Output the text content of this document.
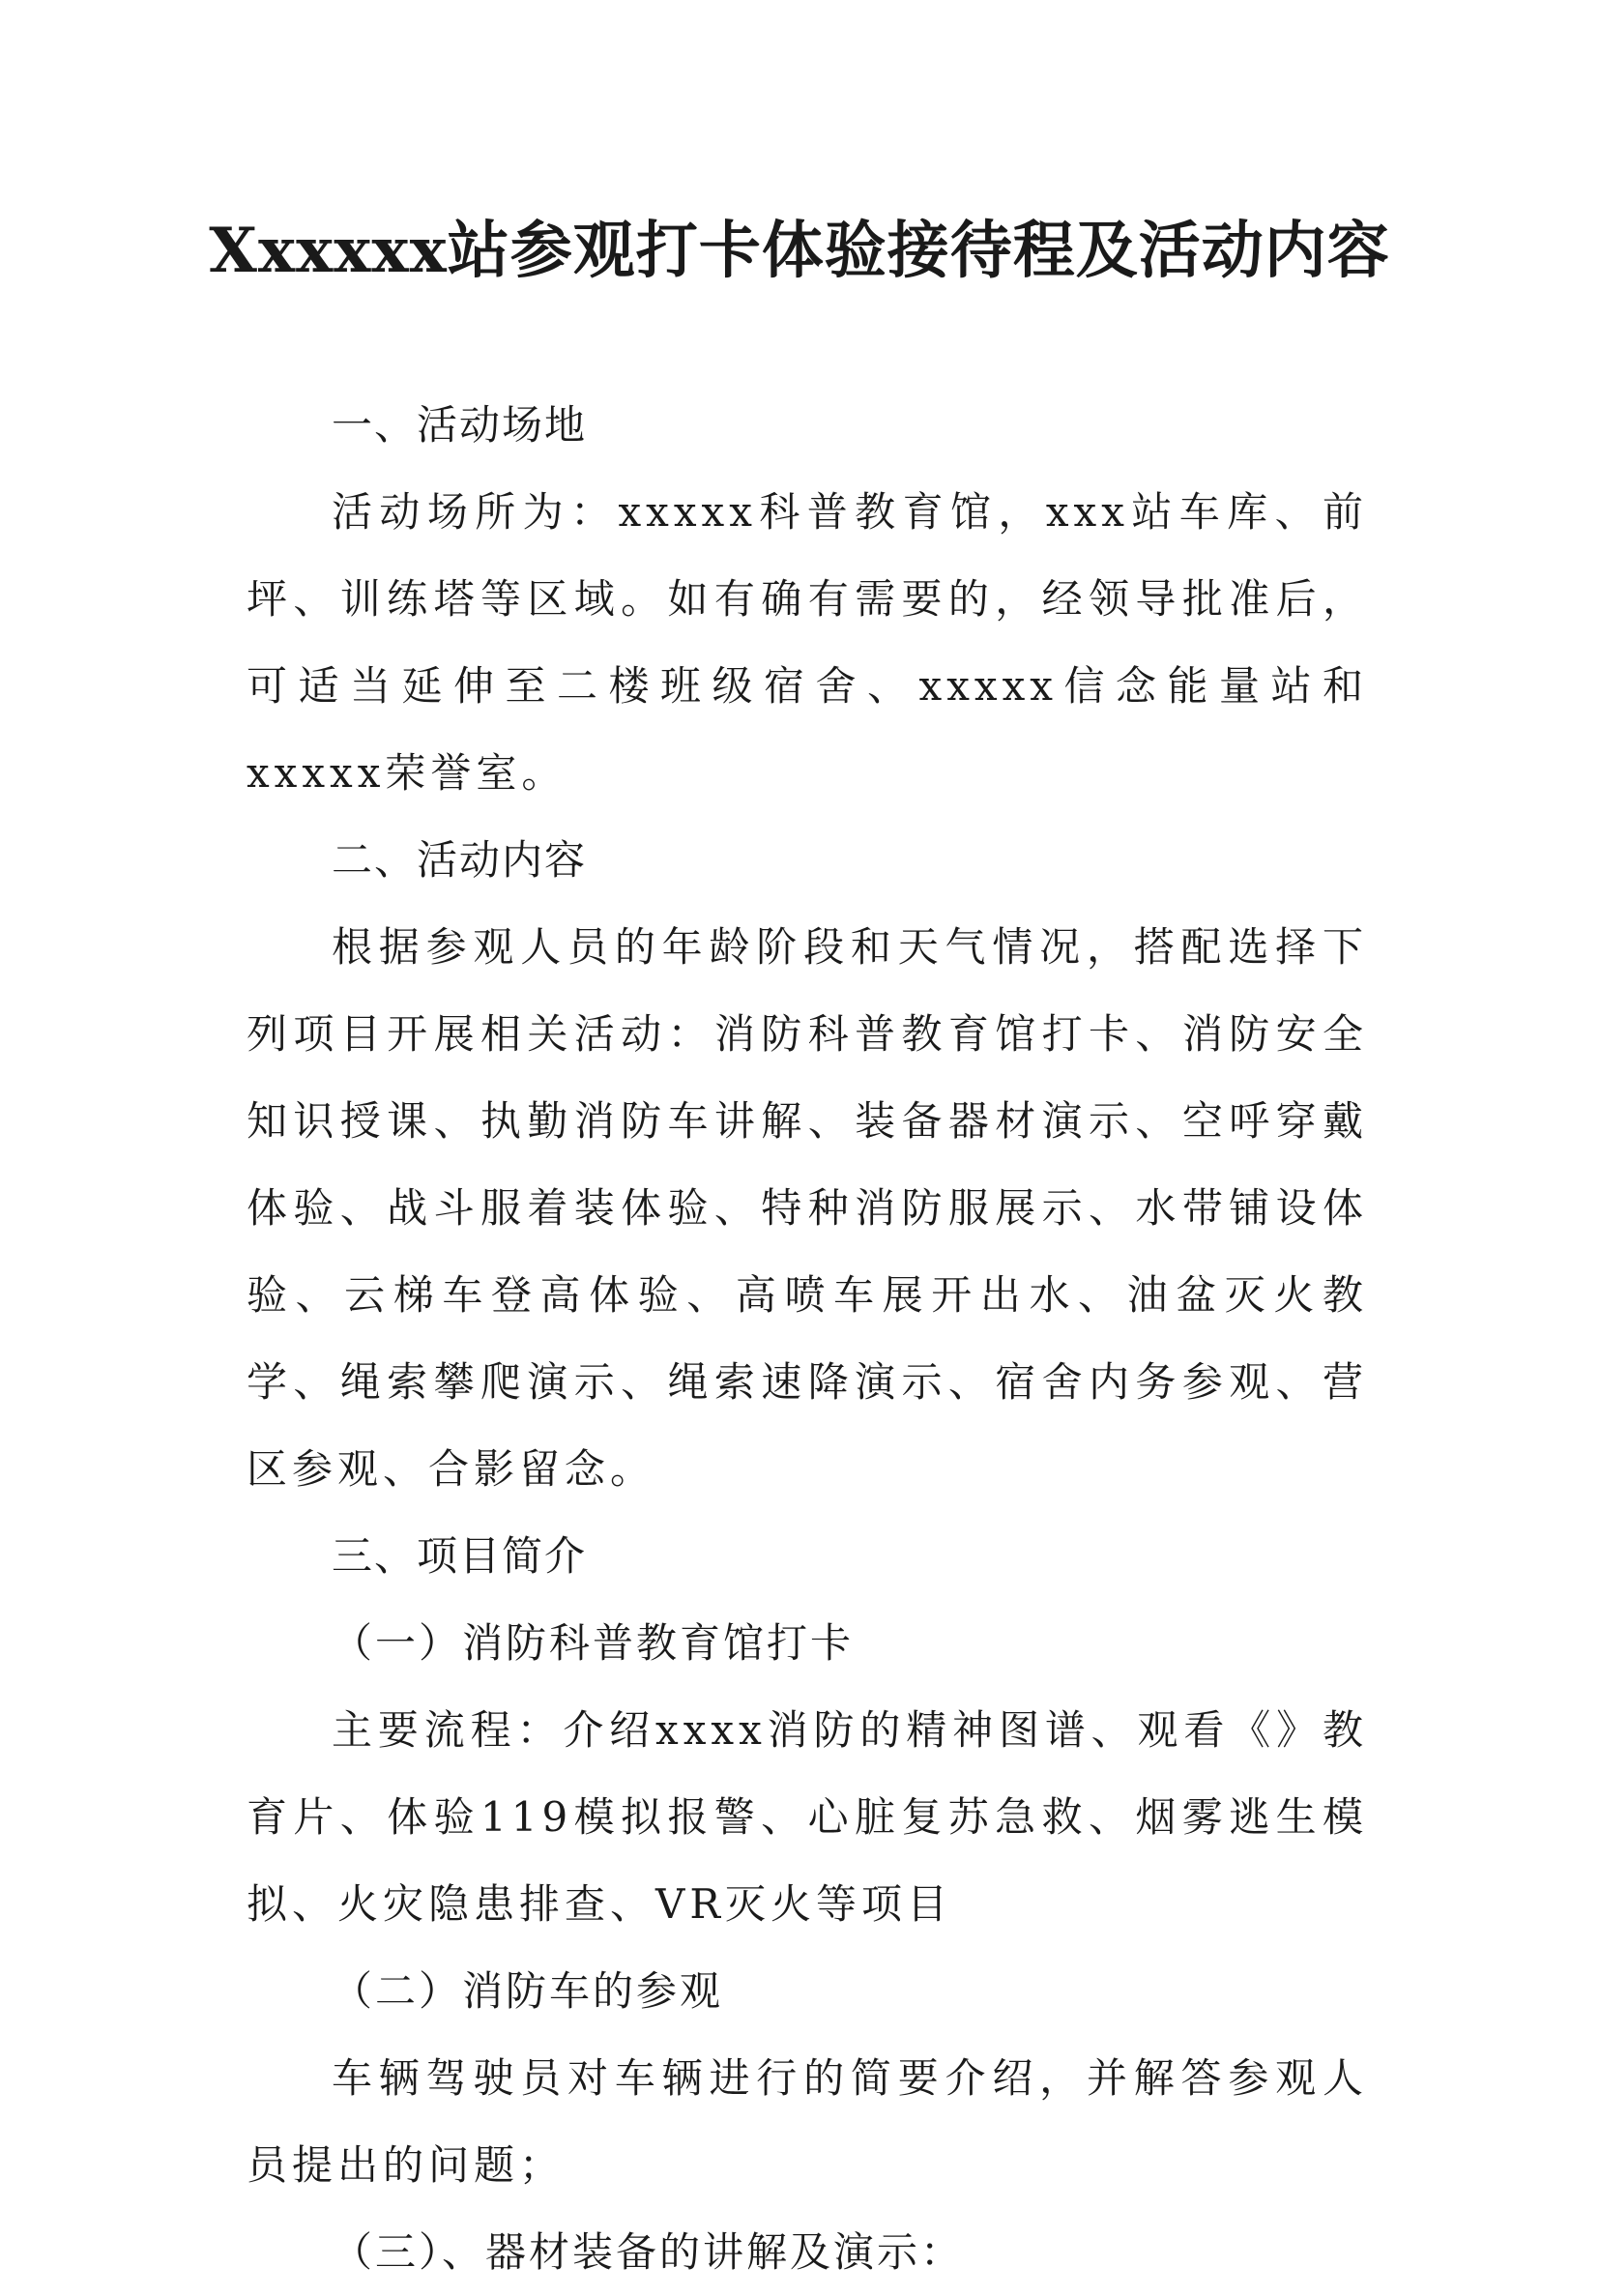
Xxxxxx站参观打卡体验接待程及活动内容

一、活动场地

活动场所为：xxxxx科普教育馆，xxx站车库、前坪、训练塔等区域。如有确有需要的，经领导批准后，可适当延伸至二楼班级宿舍、xxxxx信念能量站和xxxxx荣誉室。

二、活动内容

根据参观人员的年龄阶段和天气情况，搭配选择下列项目开展相关活动：消防科普教育馆打卡、消防安全知识授课、执勤消防车讲解、装备器材演示、空呼穿戴体验、战斗服着装体验、特种消防服展示、水带铺设体验、云梯车登高体验、高喷车展开出水、油盆灭火教学、绳索攀爬演示、绳索速降演示、宿舍内务参观、营区参观、合影留念。

三、项目简介

（一）消防科普教育馆打卡

主要流程：介绍xxxx消防的精神图谱、观看《》教育片、体验119模拟报警、心脏复苏急救、烟雾逃生模拟、火灾隐患排查、VR灭火等项目

（二）消防车的参观

车辆驾驶员对车辆进行的简要介绍，并解答参观人员提出的问题；

（三）、器材装备的讲解及演示：
